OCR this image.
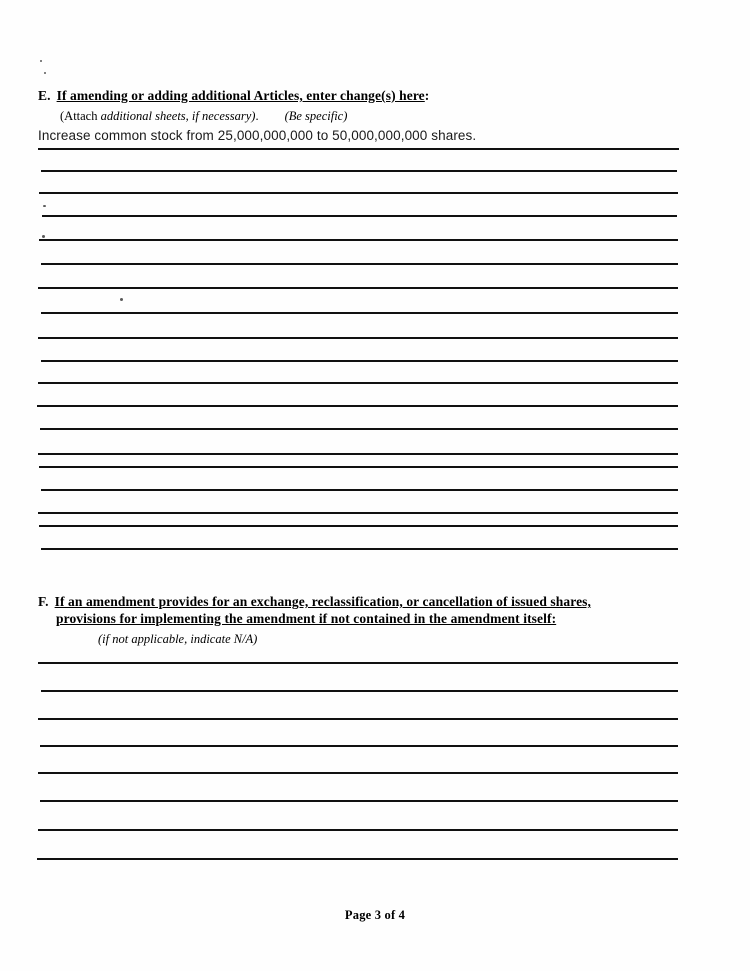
E. If amending or adding additional Articles, enter change(s) here:
(Attach additional sheets, if necessary). (Be specific)
Increase common stock from 25,000,000,000 to 50,000,000,000 shares.
F. If an amendment provides for an exchange, reclassification, or cancellation of issued shares,
provisions for implementing the amendment if not contained in the amendment itself:
(if not applicable, indicate N/A)
Page 3 of 4
